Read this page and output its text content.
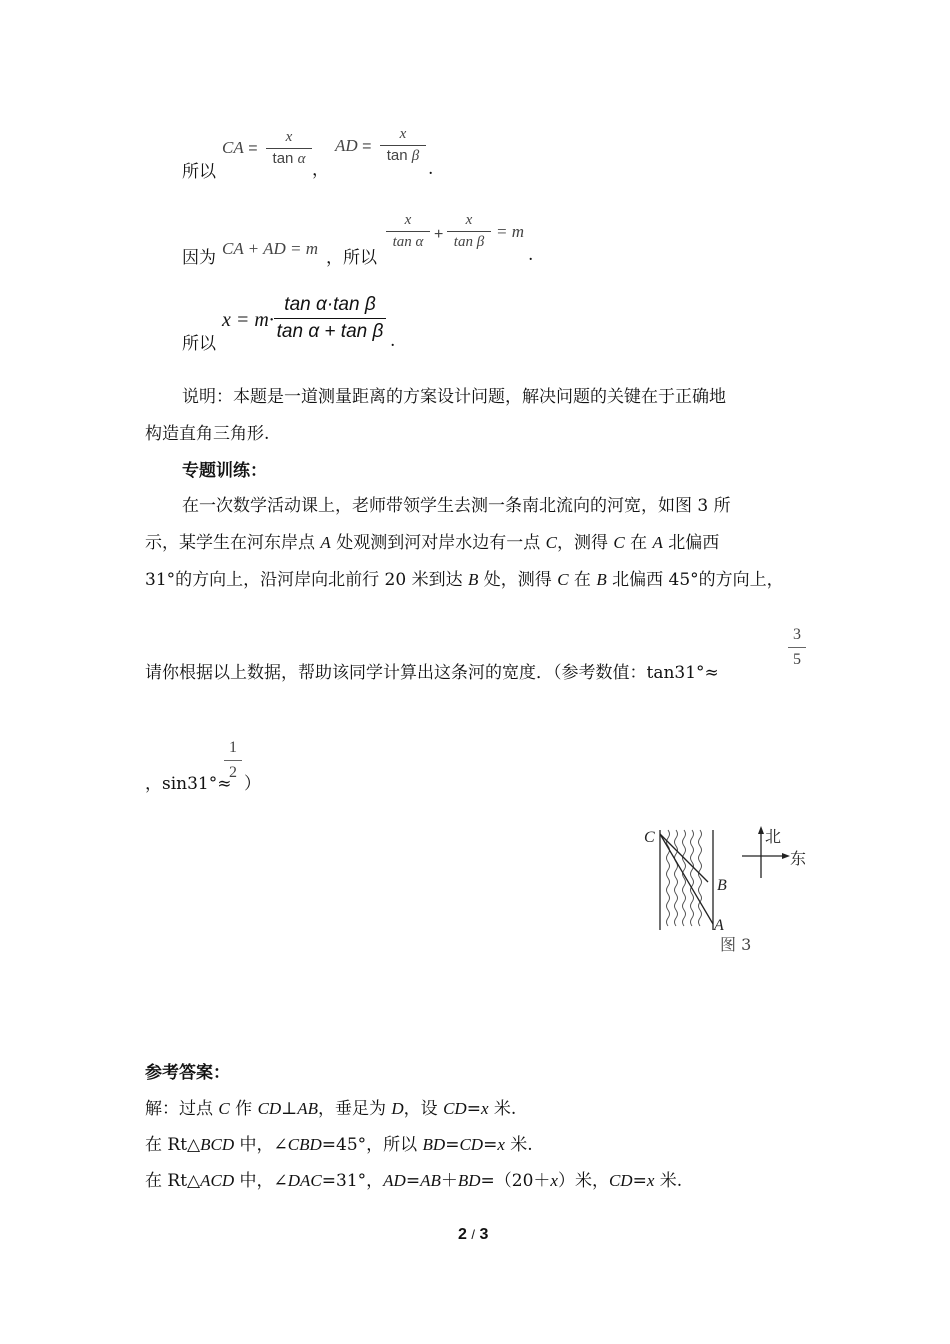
所以
CA =
x
tan α
，
AD =
x
tan β
.
因为 CA + AD = m ，所以
x
tan α +
x
tan β
= m
.
所以
x = m·
tan α·tan β
tan α + tan β .
说明：本题是一道测量距离的方案设计问题，解决问题的关键在于正确地
构造直角三角形.
专题训练：
在一次数学活动课上，老师带领学生去测一条南北流向的河宽，如图 3 所
示，某学生在河东岸点 A 处观测到河对岸水边有一点 C，测得 C 在 A 北偏西
31°的方向上，沿河岸向北前行 20 米到达 B 处，测得 C 在 B 北偏西 45°的方向上，
请你根据以上数据，帮助该同学计算出这条河的宽度．（参考数值：tan31°≈
3
5
，sin31°≈
1
2
）
C
B
A
北
东
图 3
参考答案：
解：过点 C 作 CD⊥AB，垂足为 D，设 CD=x 米.
在 Rt△BCD 中，∠CBD=45°，所以 BD=CD=x 米.
在 Rt△ACD 中，∠DAC=31°，AD=AB＋BD=（20＋x）米，CD=x 米.
2 / 3
